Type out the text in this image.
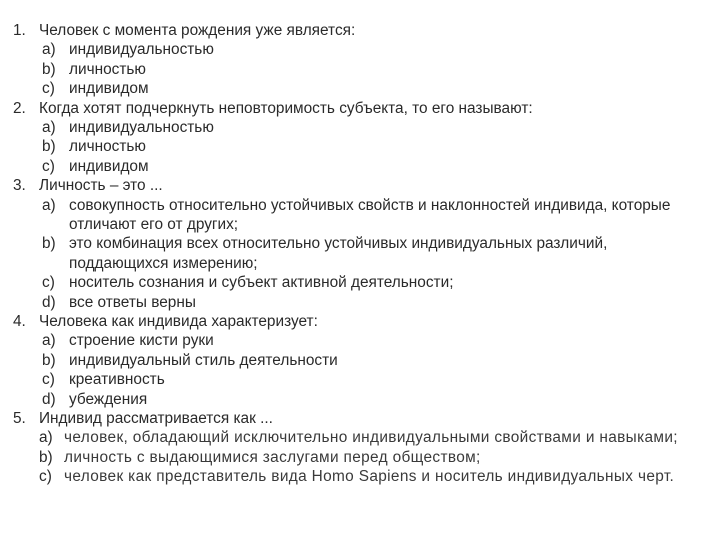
1. Человек с момента рождения уже является:
a) индивидуальностью
b) личностью
c) индивидом
2. Когда хотят подчеркнуть неповторимость субъекта, то его называют:
a) индивидуальностью
b) личностью
c) индивидом
3. Личность – это ...
a) совокупность относительно устойчивых свойств и наклонностей индивида, которые отличают его от других;
b) это комбинация всех относительно устойчивых индивидуальных различий, поддающихся измерению;
c) носитель сознания и субъект активной деятельности;
d) все ответы верны
4. Человека как индивида характеризует:
a) строение кисти руки
b) индивидуальный стиль деятельности
c) креативность
d) убеждения
5. Индивид рассматривается как ...
a) человек, обладающий исключительно индивидуальными свойствами и навыками;
b) личность с выдающимися заслугами перед обществом;
c) человек как представитель вида Homo Sapiens и носитель индивидуальных черт.
